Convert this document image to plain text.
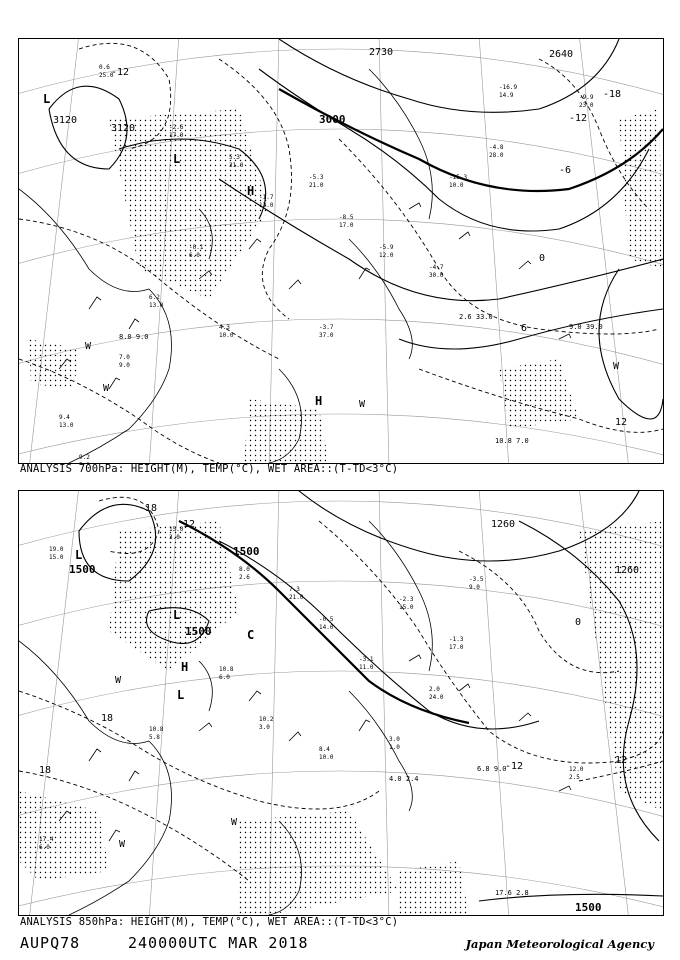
-2.6
17.0
5.3
31.0
-1.7
13.0
-5.3
21.0
-8.5
17.0
-5.9
12.0
-4.7
30.0
-15.3
10.0
-4.8
28.0
6.2
13.0
4.3
10.0
-3.7
37.0
7.0
9.0
9.4
13.0
9.2
0.6
25.0
-16.9
14.9	-9.9
23.0
-0.1
6.0
2730	2640
3000
3120
3120
-12
-18
-12
-6
0
6
12
L
L
H
H
W
W
W
W
8.0 9.0
9.0 39.0
2.6 33.0
10.8 7.0
ANALYSIS 700hPa: HEIGHT(M), TEMP(°C), WET AREA::(T-TD<3°C)
15.0
3.0
8.0
2.6
7.3
21.0
-0.5
14.0
-3.1
11.0
-2.3
15.0
-1.3
17.0
-3.5
9.0
10.8
6.0
10.2
3.0
8.4
10.0
10.8
5.8	3.0
1.0
2.0
24.0
17.4
6.0
19.0
15.0
12.0
2.5
1500
1500
1500
1500
1260
1260
-18
-12
18
18
12
12
0
L
L
H
L
C
W
W
W
4.0 2.4
17.6 2.8
6.8 9.0
ANALYSIS 850hPa: HEIGHT(M), TEMP(°C), WET AREA::(T-TD<3°C)
AUPQ78	240000UTC MAR 2018	Japan Meteorological Agency
